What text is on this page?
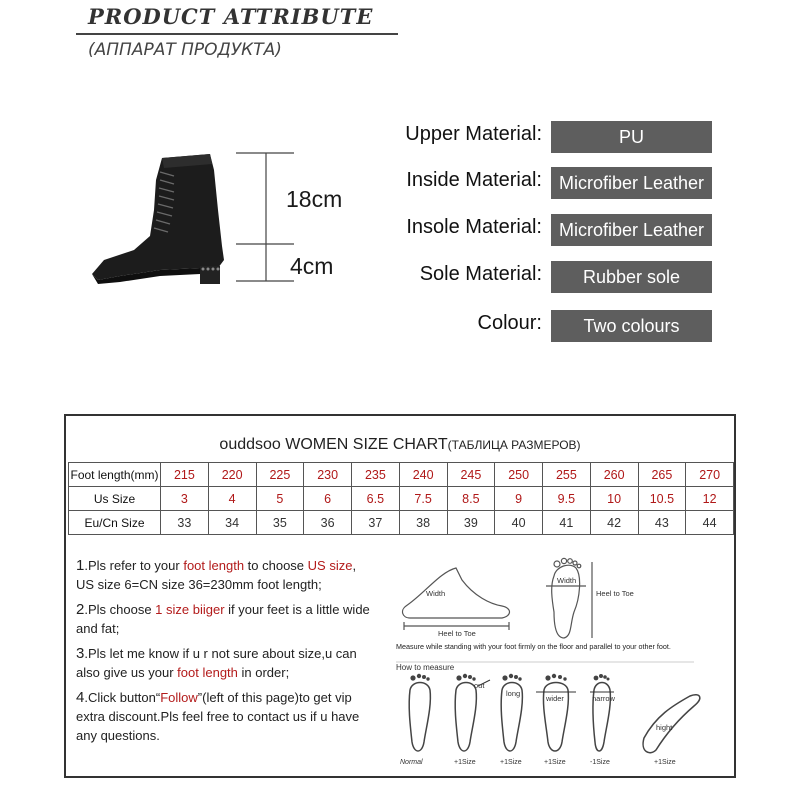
PRODUCT ATTRIBUTE
(АППАРАТ ПРОДУКТА)
18cm
4cm
Upper Material:	PU
Inside Material: Microfiber Leather
Insole Material: Microfiber Leather
Sole Material:	Rubber sole
Colour:	Two colours
ouddsoo WOMEN SIZE CHART(ТАБЛИЦА РАЗМЕРОВ)
Foot length(mm)	215	220	225	230	235	240	245	250	255	260	265	270
Us Size	3	4	5	6	6.5	7.5	8.5	9	9.5	10	10.5	12
Eu/Cn Size	33	34	35	36	37	38	39	40	41	42	43	44

1.Pls refer to your foot length to choose US size,
US size 6=CN size 36=230mm foot length;

2.Pls choose 1 size biiger if your feet is a little wide and fat;

3.Pls let me know if u r not sure about size,u can also give us your foot length in order;

4.Click button“Follow”(left of this page)to get vip extra discount.Pls feel free to contact us if u have any questions.

Width
Heel to Toe
Width
Heel to Toe
Measure while standing with your foot firmly on the floor and parallel to your other foot.
How to measure
out
long
wider	narrow
hight
Normal	+1Size	+1Size	+1Size	-1Size	+1Size
